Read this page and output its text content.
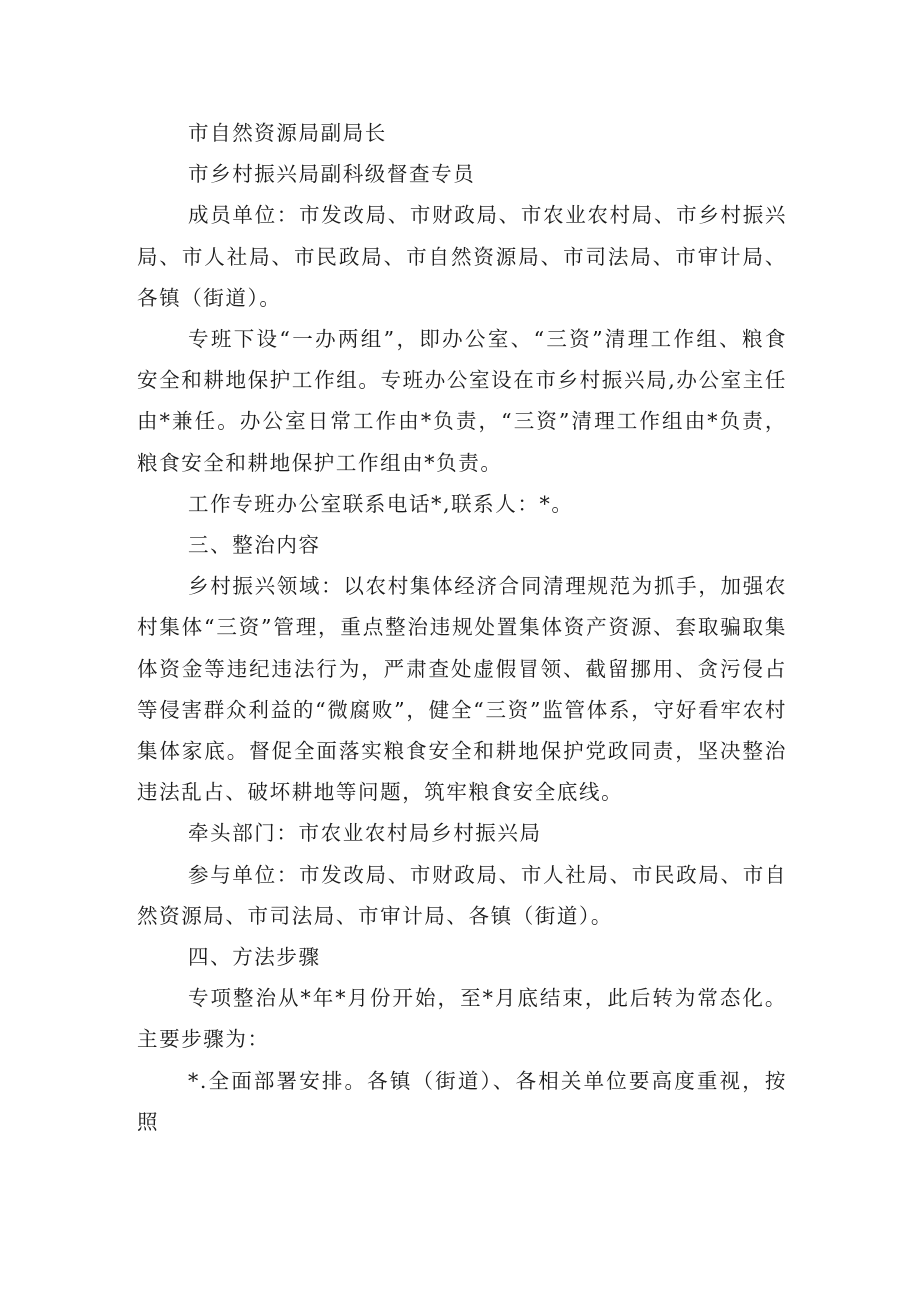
市自然资源局副局长

市乡村振兴局副科级督查专员

成员单位：市发改局、市财政局、市农业农村局、市乡村振兴局、市人社局、市民政局、市自然资源局、市司法局、市审计局、各镇（街道）。

专班下设“一办两组”，即办公室、“三资”清理工作组、粮食安全和耕地保护工作组。专班办公室设在市乡村振兴局,办公室主任由*兼任。办公室日常工作由*负责，“三资”清理工作组由*负责，粮食安全和耕地保护工作组由*负责。

工作专班办公室联系电话*,联系人：*。

三、整治内容

乡村振兴领域：以农村集体经济合同清理规范为抓手，加强农村集体“三资”管理，重点整治违规处置集体资产资源、套取骗取集体资金等违纪违法行为，严肃查处虚假冒领、截留挪用、贪污侵占等侵害群众利益的“微腐败”，健全“三资”监管体系，守好看牢农村集体家底。督促全面落实粮食安全和耕地保护党政同责，坚决整治违法乱占、破坏耕地等问题，筑牢粮食安全底线。

牵头部门：市农业农村局乡村振兴局

参与单位：市发改局、市财政局、市人社局、市民政局、市自然资源局、市司法局、市审计局、各镇（街道）。

四、方法步骤

专项整治从*年*月份开始，至*月底结束，此后转为常态化。主要步骤为：

*.全面部署安排。各镇（街道）、各相关单位要高度重视，按照
